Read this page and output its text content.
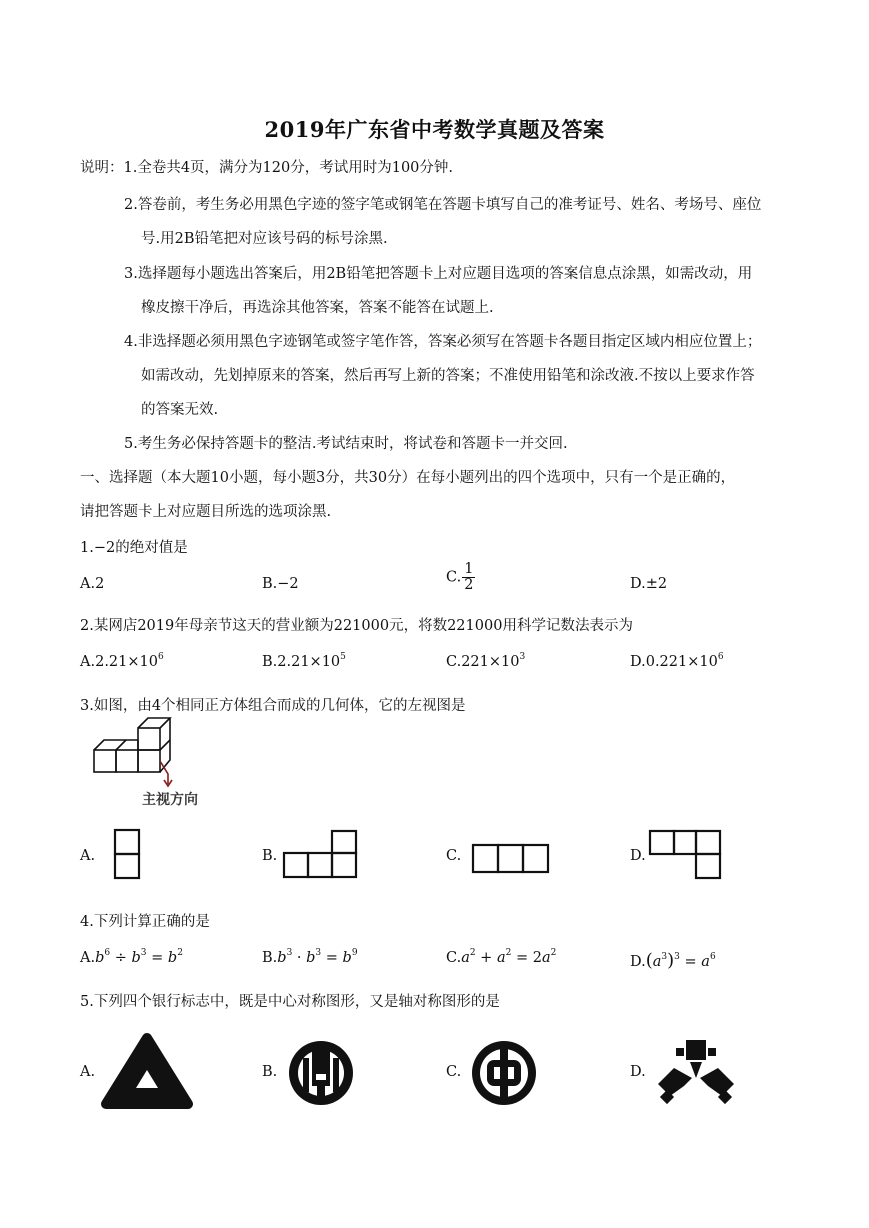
2019年广东省中考数学真题及答案
说明：1.全卷共4页，满分为120分，考试用时为100分钟.
2.答卷前，考生务必用黑色字迹的签字笔或钢笔在答题卡填写自己的准考证号、姓名、考场号、座位
号.用2B铅笔把对应该号码的标号涂黑.
3.选择题每小题选出答案后，用2B铅笔把答题卡上对应题目选项的答案信息点涂黑，如需改动，用
橡皮擦干净后，再选涂其他答案，答案不能答在试题上.
4.非选择题必须用黑色字迹钢笔或签字笔作答，答案必须写在答题卡各题目指定区域内相应位置上；
如需改动，先划掉原来的答案，然后再写上新的答案；不准使用铅笔和涂改液.不按以上要求作答
的答案无效.
5.考生务必保持答题卡的整洁.考试结束时，将试卷和答题卡一并交回.
一、选择题（本大题10小题，每小题3分，共30分）在每小题列出的四个选项中，只有一个是正确的，
请把答题卡上对应题目所选的选项涂黑.
1.−2的绝对值是
A.2	B.−2	C. $\frac{1}{2}$	D.±2
2.某网店2019年母亲节这天的营业额为221000元，将数221000用科学记数法表示为
$A.2.21\times 10^6$	$B.2.21\times 10^5$	$C.221\times 10^3$	$D.0.221\times 10^6$
3.如图，由4个相同正方体组合而成的几何体，它的左视图是
主视方向
A.	B.	C.	D.
4.下列计算正确的是
$A.b^6 \div b^3 = b^2$	$B.b^3 \cdot b^3 = b^9$	$C.a^2 + a^2 = 2a^2$
$D.(a^3)^3 = a^6$
5.下列四个银行标志中，既是中心对称图形，又是轴对称图形的是
A.	B.	C.	D.
